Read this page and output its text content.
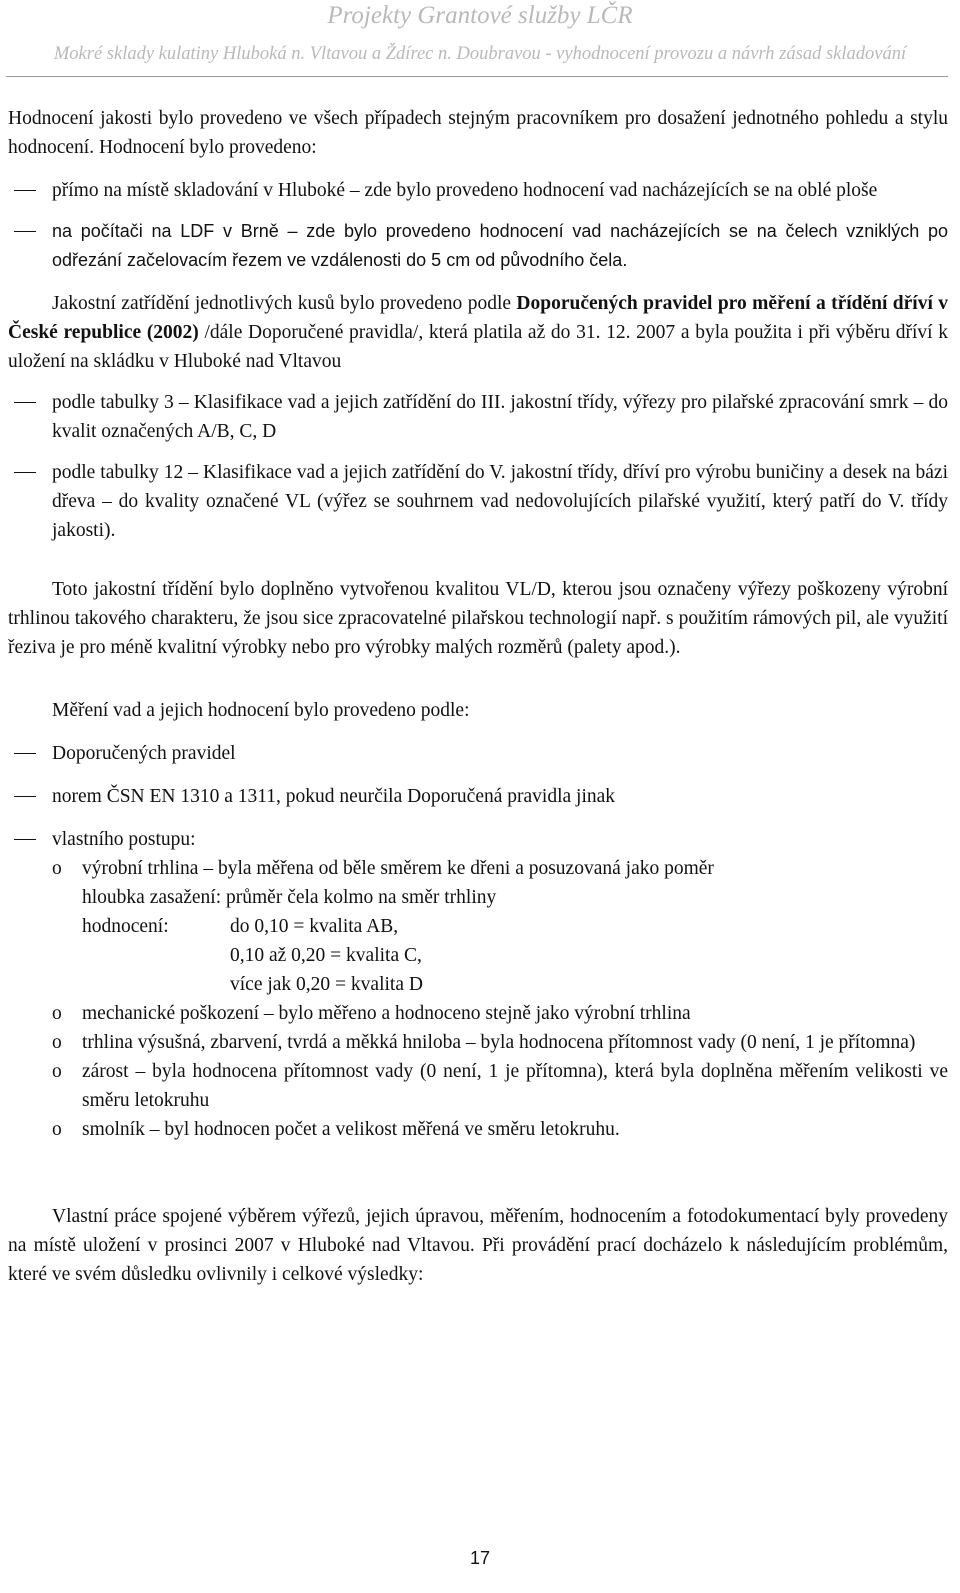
Projekty Grantové služby LČR
Mokré sklady kulatiny Hluboká n. Vltavou a Ždírec n. Doubravou - vyhodnocení provozu a návrh zásad skladování

Hodnocení jakosti bylo provedeno ve všech případech stejným pracovníkem pro dosažení jednotného pohledu a stylu hodnocení. Hodnocení bylo provedeno:

přímo na místě skladování v Hluboké – zde bylo provedeno hodnocení vad nacházejících se na oblé ploše

na počítači na LDF v Brně – zde bylo provedeno hodnocení vad nacházejících se na čelech vzniklých po odřezání začelovacím řezem ve vzdálenosti do 5 cm od původního čela.

Jakostní zatřídění jednotlivých kusů bylo provedeno podle Doporučených pravidel pro měření a třídění dříví v České republice (2002) /dále Doporučené pravidla/, která platila až do 31. 12. 2007 a byla použita i při výběru dříví k uložení na skládku v Hluboké nad Vltavou

podle tabulky 3 – Klasifikace vad a jejich zatřídění do III. jakostní třídy, výřezy pro pilařské zpracování smrk – do kvalit označených A/B, C, D

podle tabulky 12 – Klasifikace vad a jejich zatřídění do V. jakostní třídy, dříví pro výrobu buničiny a desek na bázi dřeva – do kvality označené VL (výřez se souhrnem vad nedovolujících pilařské využití, který patří do V. třídy jakosti).

Toto jakostní třídění bylo doplněno vytvořenou kvalitou VL/D, kterou jsou označeny výřezy poškozeny výrobní trhlinou takového charakteru, že jsou sice zpracovatelné pilařskou technologií např. s použitím rámových pil, ale využití řeziva je pro méně kvalitní výrobky nebo pro výrobky malých rozměrů (palety apod.).

Měření vad a jejich hodnocení bylo provedeno podle:

Doporučených pravidel

norem ČSN EN 1310 a 1311, pokud neurčila Doporučená pravidla jinak

vlastního postupu:

o výrobní trhlina – byla měřena od běle směrem ke dřeni a posuzovaná jako poměr

hloubka zasažení: průměr čela kolmo na směr trhliny

hodnocení:	do 0,10 = kvalita AB,
0,10 až 0,20 = kvalita C,
více jak 0,20 = kvalita D
o mechanické poškození – bylo měřeno a hodnoceno stejně jako výrobní trhlina

o trhlina výsušná, zbarvení, tvrdá a měkká hniloba – byla hodnocena přítomnost vady (0 není, 1 je přítomna)

o zárost – byla hodnocena přítomnost vady (0 není, 1 je přítomna), která byla doplněna měřením velikosti ve směru letokruhu

o smolník – byl hodnocen počet a velikost měřená ve směru letokruhu.

Vlastní práce spojené výběrem výřezů, jejich úpravou, měřením, hodnocením a fotodokumentací byly provedeny na místě uložení v prosinci 2007 v Hluboké nad Vltavou. Při provádění prací docházelo k následujícím problémům, které ve svém důsledku ovlivnily i celkové výsledky:

17
